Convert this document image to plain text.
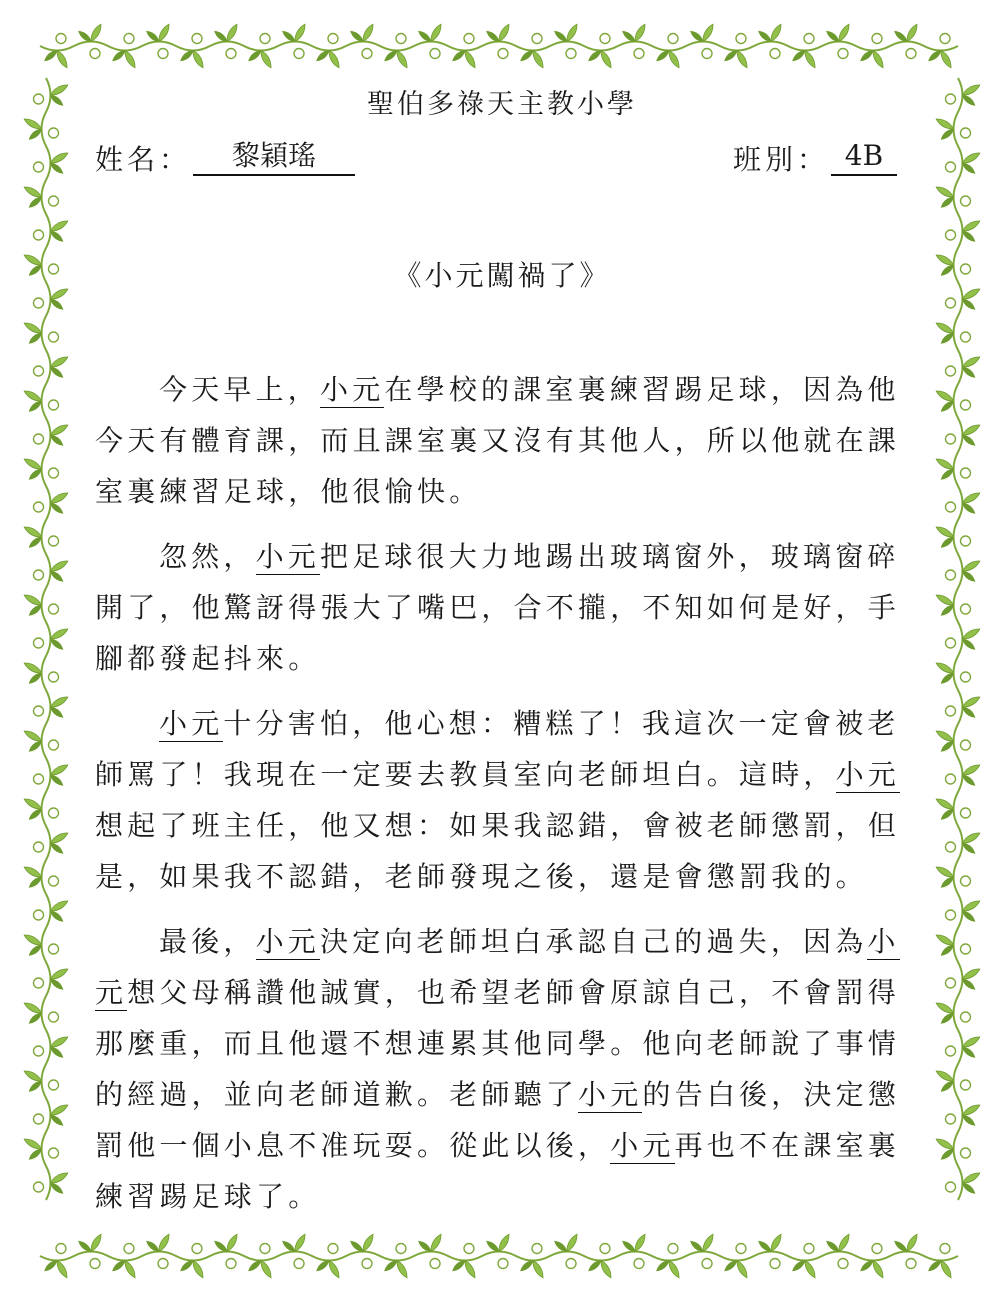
聖伯多祿天主教小學
姓名：	黎穎瑤	班別： 4B
《小元闖禍了》

今天早上，小元在學校的課室裏練習踢足球，因為他今天有體育課，而且課室裏又沒有其他人，所以他就在課室裏練習足球，他很愉快。

忽然，小元把足球很大力地踢出玻璃窗外，玻璃窗碎開了，他驚訝得張大了嘴巴，合不攏，不知如何是好，手腳都發起抖來。

小元十分害怕，他心想：糟糕了！我這次一定會被老師罵了！我現在一定要去教員室向老師坦白。這時，小元想起了班主任，他又想：如果我認錯，會被老師懲罰，但是，如果我不認錯，老師發現之後，還是會懲罰我的。

最後，小元決定向老師坦白承認自己的過失，因為小元想父母稱讚他誠實，也希望老師會原諒自己，不會罰得那麼重，而且他還不想連累其他同學。他向老師說了事情的經過，並向老師道歉。老師聽了小元的告白後，決定懲罰他一個小息不准玩耍。從此以後，小元再也不在課室裏練習踢足球了。
